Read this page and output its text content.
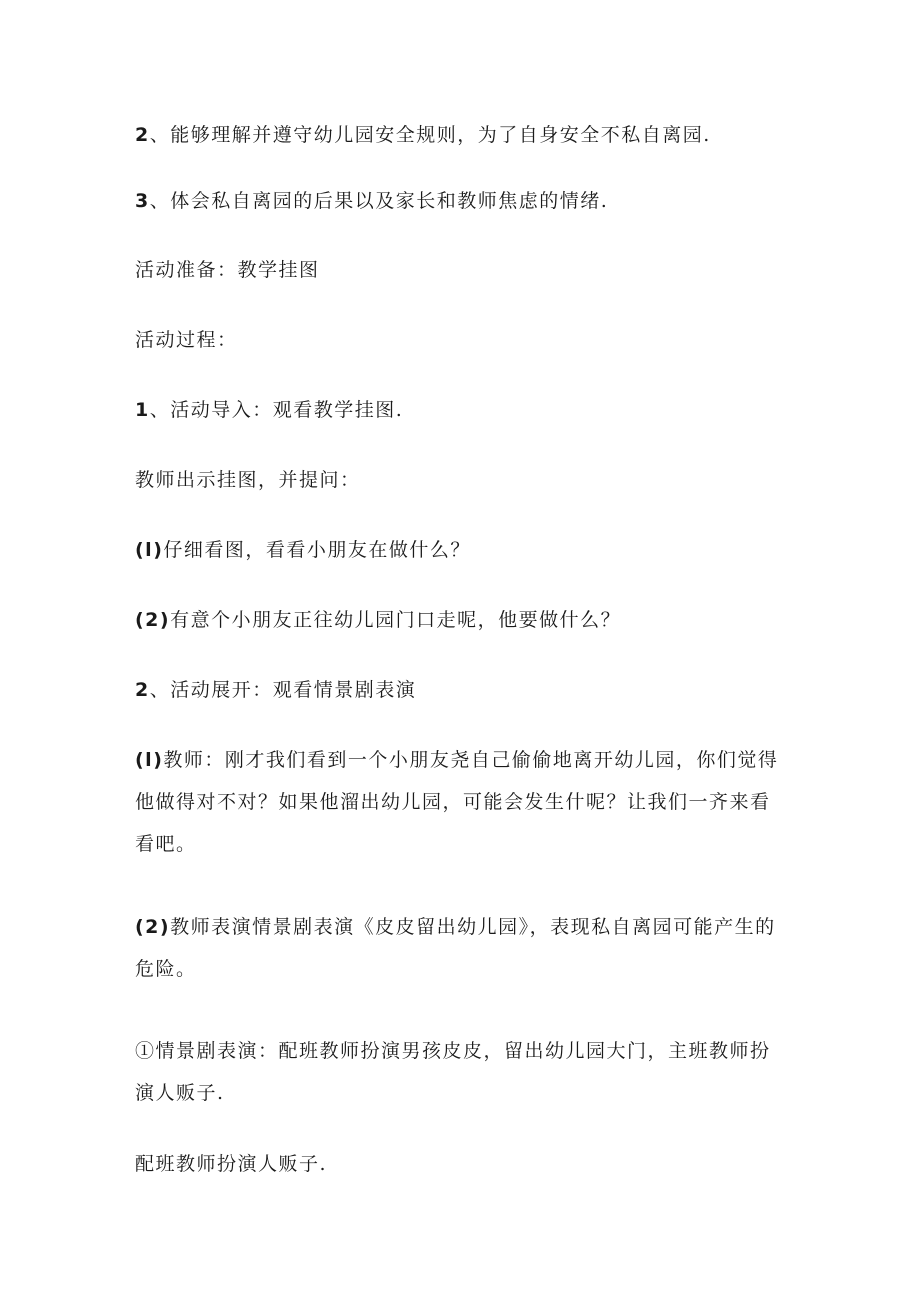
2、能够理解并遵守幼儿园安全规则，为了自身安全不私自离园.

3、体会私自离园的后果以及家长和教师焦虑的情绪.

活动准备：教学挂图

活动过程：

1、活动导入：观看教学挂图.

教师出示挂图，并提问：

(l)仔细看图，看看小朋友在做什么？

(2)有意个小朋友正往幼儿园门口走呢，他要做什么？

2、活动展开：观看情景剧表演

(l)教师：刚才我们看到一个小朋友尧自己偷偷地离开幼儿园，你们觉得他做得对不对？如果他溜出幼儿园，可能会发生什呢？让我们一齐来看看吧。

(2)教师表演情景剧表演《皮皮留出幼儿园》，表现私自离园可能产生的危险。

①情景剧表演：配班教师扮演男孩皮皮，留出幼儿园大门，主班教师扮演人贩子.

配班教师扮演人贩子.
